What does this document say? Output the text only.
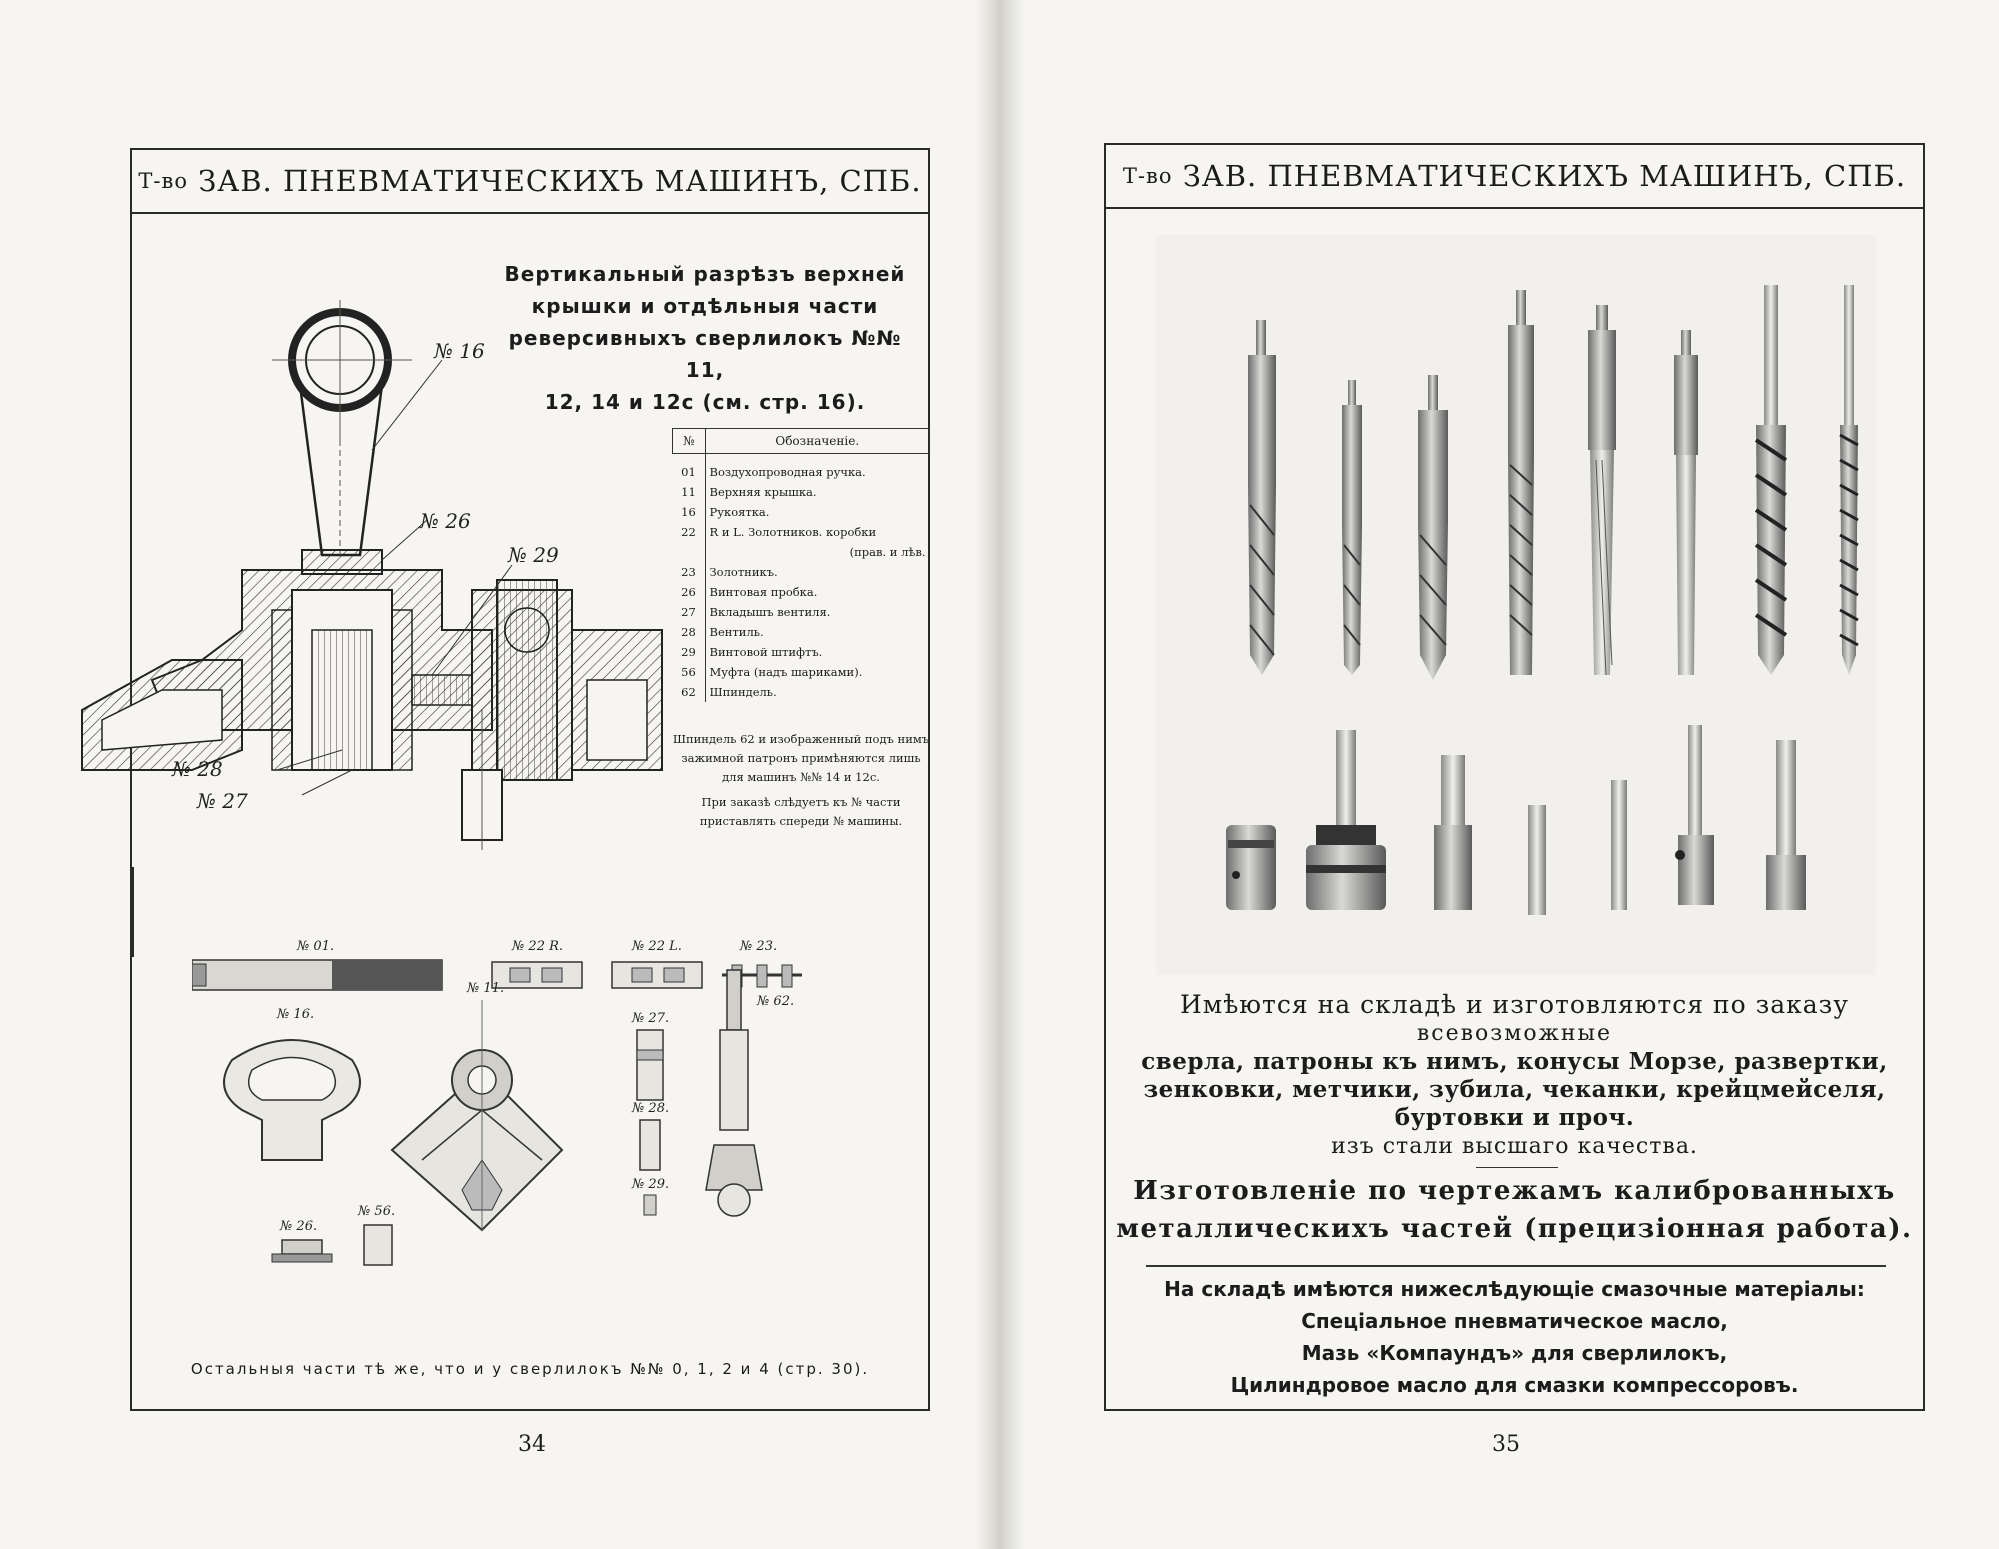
Т-во
ЗАВ. ПНЕВМАТИЧЕСКИХЪ МАШИНЪ, СПБ.
Вертикальный разрѣзъ верхней
крышки и отдѣльныя части
реверсивныхъ сверлилокъ №№ 11,
12, 14 и 12с (см. стр. 16).
№ 16
№ 26
№ 29
№ 28
№ 27
№	Обозначеніе.

01	Воздухопроводная ручка.
11	Верхняя крышка.
16	Рукоятка.
22	R и L. Золотников. коробки
	(прав. и лѣв.
23	Золотникъ.
26	Винтовая пробка.
27	Вкладышъ вентиля.
28	Вентиль.
29	Винтовой штифтъ.
56	Муфта (надъ шариками).
62	Шпиндель.

Шпиндель 62 и изображенный подъ нимъ зажимной патронъ примѣняются лишь для машинъ №№ 14 и 12с.

При заказѣ слѣдуетъ къ № части приставлять спереди № машины.

№ 01.	№ 22 R.	№ 22 L.	№ 23.
№ 16.
№ 11.
№ 27.
№ 62.
№ 28.
№ 26.
№ 56.
№ 29.
Остальныя части тѣ же, что и у сверлилокъ №№ 0, 1, 2 и 4 (стр. 30).
34
Т-во
ЗАВ. ПНЕВМАТИЧЕСКИХЪ МАШИНЪ, СПБ.
Имѣются на складѣ и изготовляются по заказу
всевозможные
сверла, патроны къ нимъ, конусы Морзе, развертки,
зенковки, метчики, зубила, чеканки, крейцмейселя,
буртовки и проч.
изъ стали высшаго качества.
Изготовленіе по чертежамъ калиброванныхъ
металлическихъ частей (прецизіонная работа).
На складѣ имѣются нижеслѣдующіе смазочные матеріалы:
Спеціальное пневматическое масло,
Мазь «Компаундъ» для сверлилокъ,
Цилиндровое масло для смазки компрессоровъ.
35
